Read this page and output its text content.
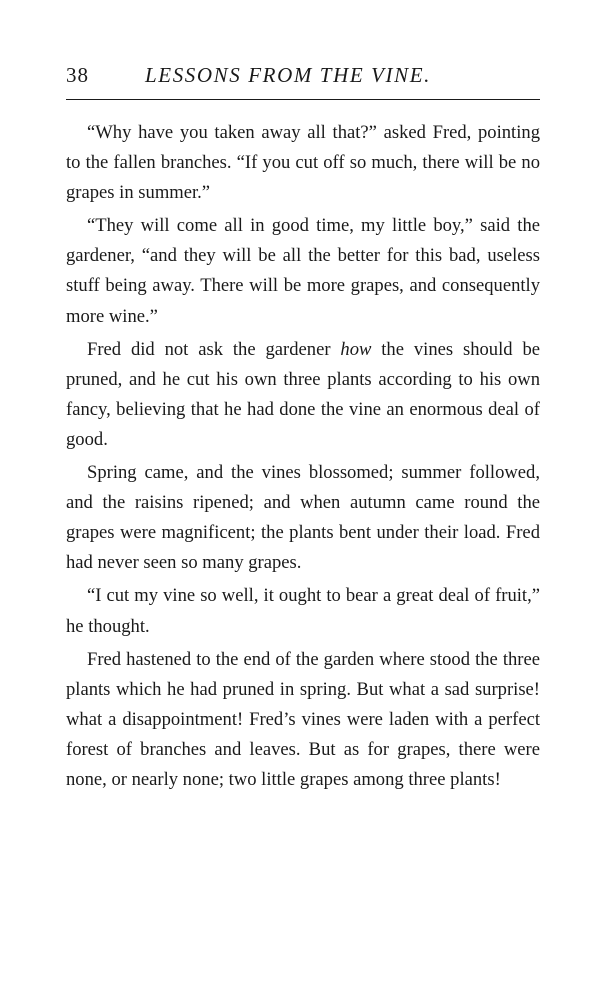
38	LESSONS FROM THE VINE.

“Why have you taken away all that?” asked Fred, pointing to the fallen branches. “If you cut off so much, there will be no grapes in summer.”

“They will come all in good time, my little boy,” said the gardener, “and they will be all the better for this bad, useless stuff being away. There will be more grapes, and consequently more wine.”

Fred did not ask the gardener how the vines should be pruned, and he cut his own three plants according to his own fancy, believing that he had done the vine an enormous deal of good.

Spring came, and the vines blossomed; summer followed, and the raisins ripened; and when autumn came round the grapes were magnificent; the plants bent under their load. Fred had never seen so many grapes.

“I cut my vine so well, it ought to bear a great deal of fruit,” he thought.

Fred hastened to the end of the garden where stood the three plants which he had pruned in spring. But what a sad surprise! what a disappointment! Fred’s vines were laden with a perfect forest of branches and leaves. But as for grapes, there were none, or nearly none; two little grapes among three plants!
